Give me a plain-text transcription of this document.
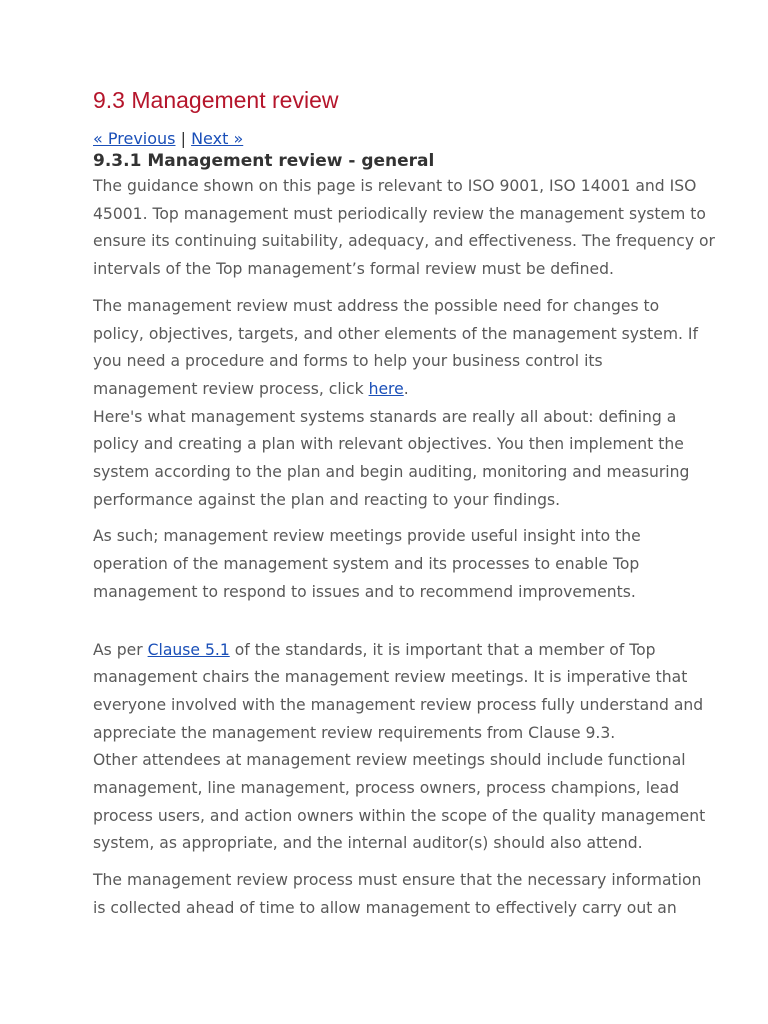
9.3 Management review
« Previous | Next »
9.3.1 Management review - general

The guidance shown on this page is relevant to ISO 9001, ISO 14001 and ISO
45001. Top management must periodically review the management system to
ensure its continuing suitability, adequacy, and effectiveness. The frequency or
intervals of the Top management’s formal review must be defined.

The management review must address the possible need for changes to
policy, objectives, targets, and other elements of the management system. If
you need a procedure and forms to help your business control its
management review process, click here.

Here's what management systems stanards are really all about: defining a
policy and creating a plan with relevant objectives. You then implement the
system according to the plan and begin auditing, monitoring and measuring
performance against the plan and reacting to your findings.

As such; management review meetings provide useful insight into the
operation of the management system and its processes to enable Top
management to respond to issues and to recommend improvements.

As per Clause 5.1 of the standards, it is important that a member of Top
management chairs the management review meetings. It is imperative that
everyone involved with the management review process fully understand and
appreciate the management review requirements from Clause 9.3.

Other attendees at management review meetings should include functional
management, line management, process owners, process champions, lead
process users, and action owners within the scope of the quality management
system, as appropriate, and the internal auditor(s) should also attend.

The management review process must ensure that the necessary information
is collected ahead of time to allow management to effectively carry out an
